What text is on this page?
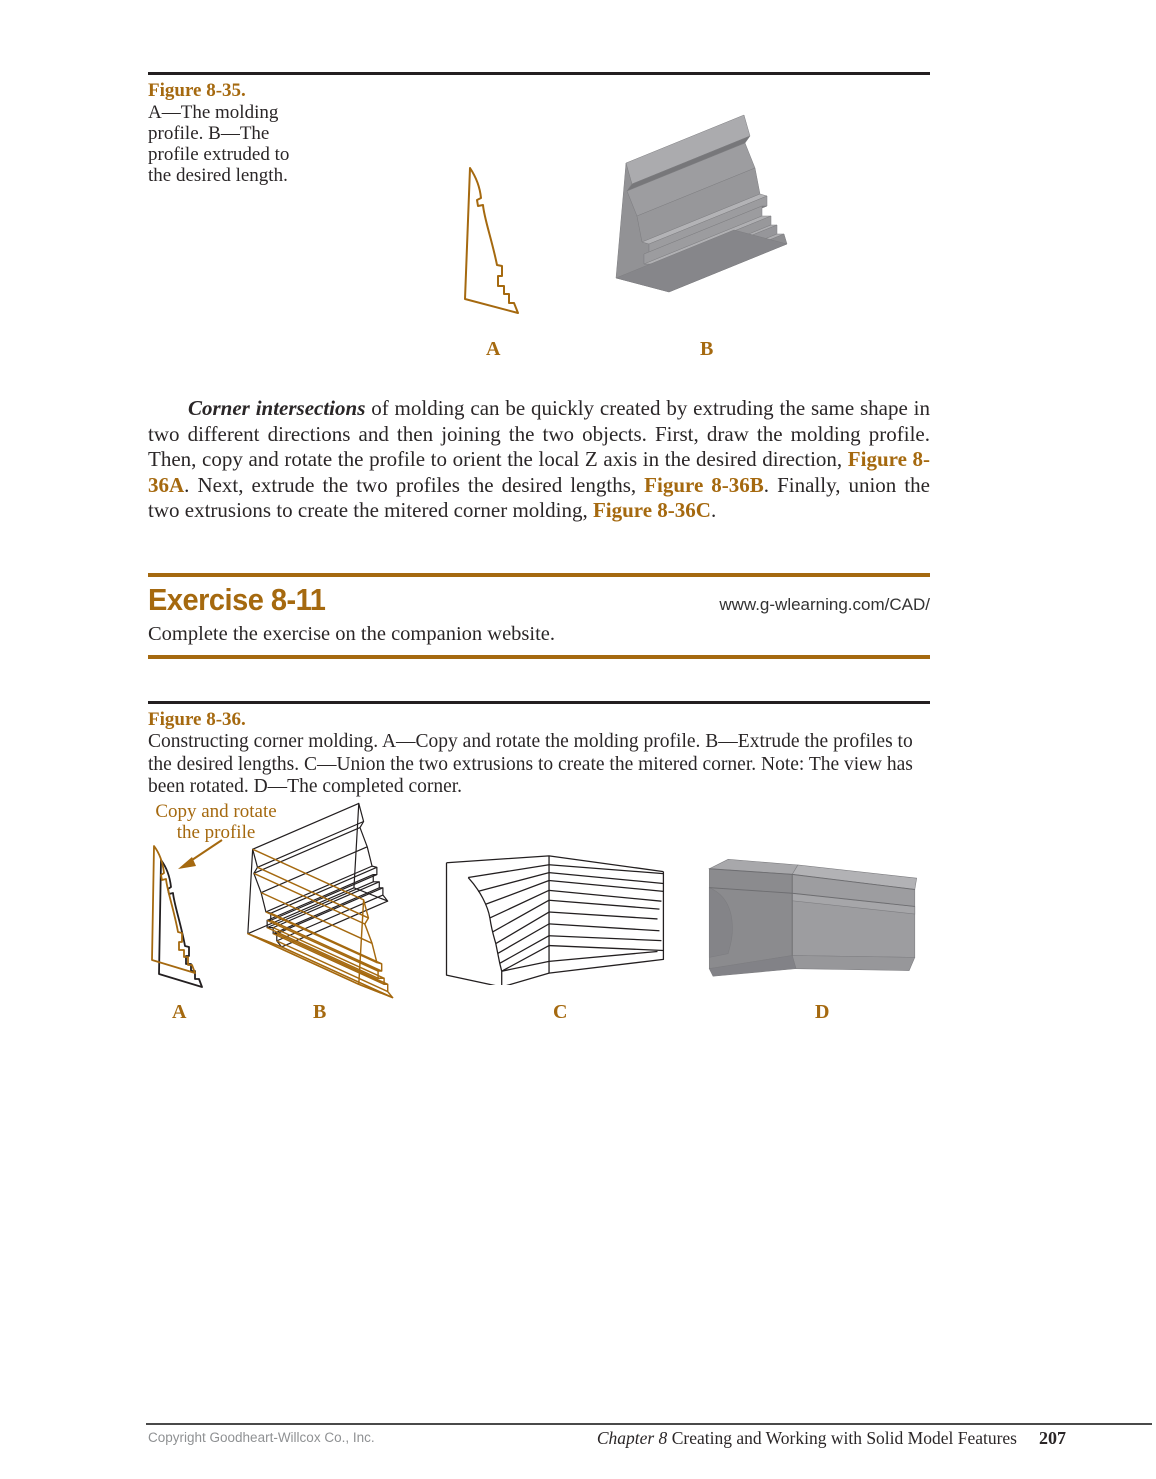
Figure 8-35.
A—The molding profile. B—The profile extruded to the desired length.
A	B

Corner intersections of molding can be quickly created by extruding the same shape in two different directions and then joining the two objects. First, draw the molding profile. Then, copy and rotate the profile to orient the local Z axis in the desired direction, Figure 8-36A. Next, extrude the two profiles the desired lengths, Figure 8-36B. Finally, union the two extrusions to create the mitered corner molding, Figure 8-36C.

Exercise 8-11	www.g-wlearning.com/CAD/
Complete the exercise on the companion website.
Figure 8-36.
Constructing corner molding. A—Copy and rotate the molding profile. B—Extrude the profiles to the desired lengths. C—Union the two extrusions to create the mitered corner. Note: The view has been rotated. D—The completed corner.
Copy and rotate
the profile
A	B	C	D
Copyright Goodheart-Willcox Co., Inc.	Chapter 8 Creating and Working with Solid Model Features 207
